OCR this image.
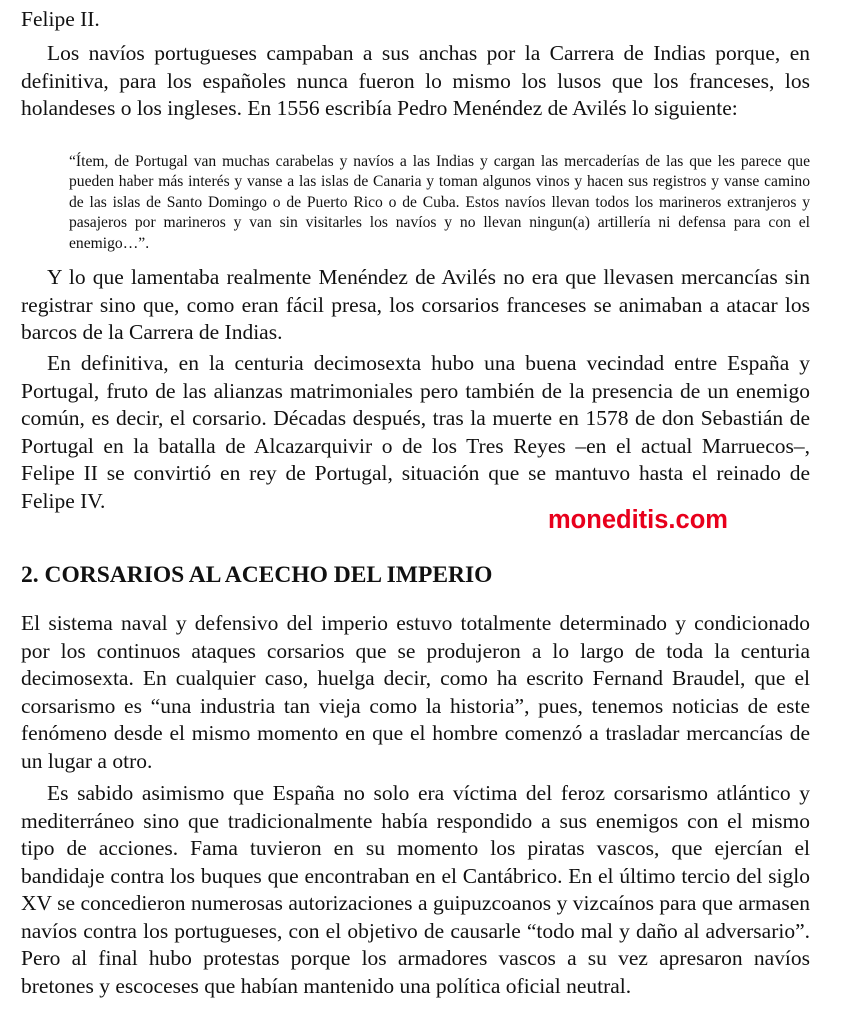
Felipe II.

Los navíos portugueses campaban a sus anchas por la Carrera de Indias porque, en definitiva, para los españoles nunca fueron lo mismo los lusos que los franceses, los holandeses o los ingleses. En 1556 escribía Pedro Menéndez de Avilés lo siguiente:

“Ítem, de Portugal van muchas carabelas y navíos a las Indias y cargan las mercaderías de las que les parece que pueden haber más interés y vanse a las islas de Canaria y toman algunos vinos y hacen sus registros y vanse camino de las islas de Santo Domingo o de Puerto Rico o de Cuba. Estos navíos llevan todos los marineros extranjeros y pasajeros por marineros y van sin visitarles los navíos y no llevan ningun(a) artillería ni defensa para con el enemigo…”.

Y lo que lamentaba realmente Menéndez de Avilés no era que llevasen mercancías sin registrar sino que, como eran fácil presa, los corsarios franceses se animaban a atacar los barcos de la Carrera de Indias.

En definitiva, en la centuria decimosexta hubo una buena vecindad entre España y Portugal, fruto de las alianzas matrimoniales pero también de la presencia de un enemigo común, es decir, el corsario. Décadas después, tras la muerte en 1578 de don Sebastián de Portugal en la batalla de Alcazarquivir o de los Tres Reyes –en el actual Marruecos–, Felipe II se convirtió en rey de Portugal, situación que se mantuvo hasta el reinado de Felipe IV.

2. CORSARIOS AL ACECHO DEL IMPERIO

El sistema naval y defensivo del imperio estuvo totalmente determinado y condicionado por los continuos ataques corsarios que se produjeron a lo largo de toda la centuria decimosexta. En cualquier caso, huelga decir, como ha escrito Fernand Braudel, que el corsarismo es “una industria tan vieja como la historia”, pues, tenemos noticias de este fenómeno desde el mismo momento en que el hombre comenzó a trasladar mercancías de un lugar a otro.

Es sabido asimismo que España no solo era víctima del feroz corsarismo atlántico y mediterráneo sino que tradicionalmente había respondido a sus enemigos con el mismo tipo de acciones. Fama tuvieron en su momento los piratas vascos, que ejercían el bandidaje contra los buques que encontraban en el Cantábrico. En el último tercio del siglo XV se concedieron numerosas autorizaciones a guipuzcoanos y vizcaínos para que armasen navíos contra los portugueses, con el objetivo de causarle “todo mal y daño al adversario”. Pero al final hubo protestas porque los armadores vascos a su vez apresaron navíos bretones y escoceses que habían mantenido una política oficial neutral.

moneditis.com
